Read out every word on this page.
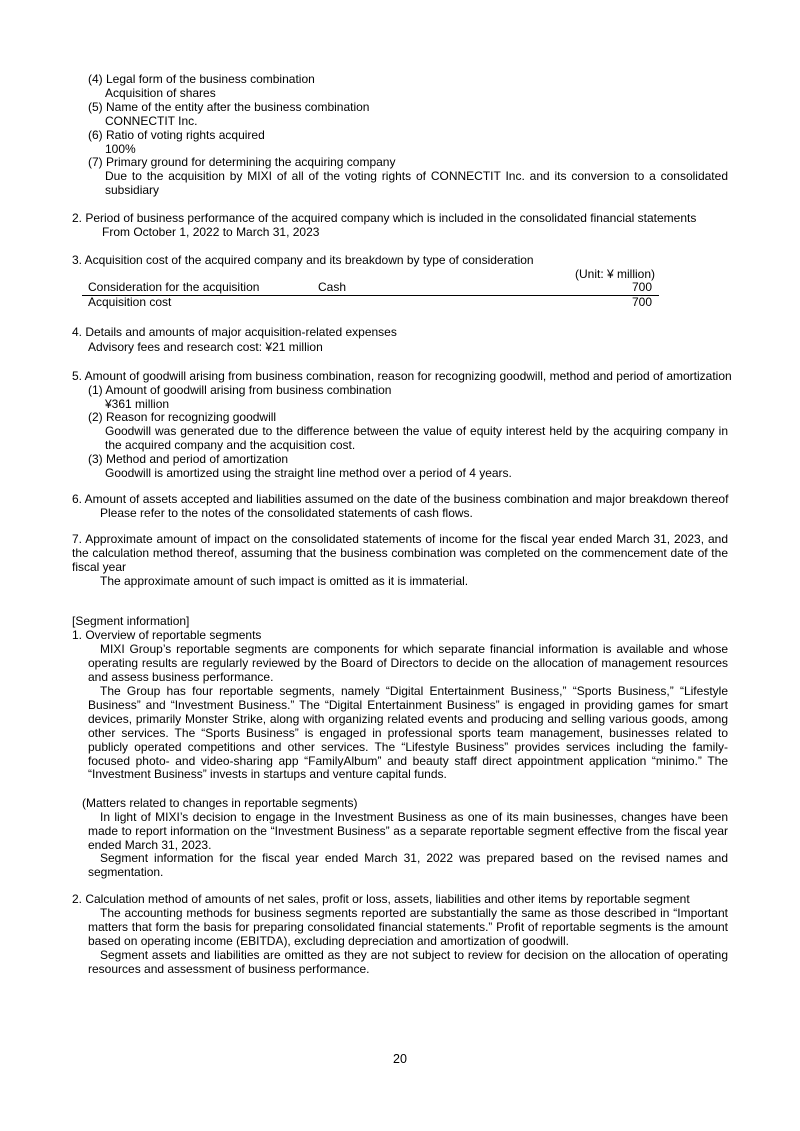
(4) Legal form of the business combination

Acquisition of shares

(5) Name of the entity after the business combination

CONNECTIT Inc.

(6) Ratio of voting rights acquired

100%

(7) Primary ground for determining the acquiring company

Due to the acquisition by MIXI of all of the voting rights of CONNECTIT Inc. and its conversion to a consolidated subsidiary

2. Period of business performance of the acquired company which is included in the consolidated financial statements

From October 1, 2022 to March 31, 2023

3. Acquisition cost of the acquired company and its breakdown by type of consideration

(Unit: ¥ million)
Consideration for the acquisition	Cash	700
Acquisition cost		700

4. Details and amounts of major acquisition-related expenses

Advisory fees and research cost: ¥21 million

5. Amount of goodwill arising from business combination, reason for recognizing goodwill, method and period of amortization

(1) Amount of goodwill arising from business combination

¥361 million

(2) Reason for recognizing goodwill

Goodwill was generated due to the difference between the value of equity interest held by the acquiring company in the acquired company and the acquisition cost.

(3) Method and period of amortization

Goodwill is amortized using the straight line method over a period of 4 years.

6. Amount of assets accepted and liabilities assumed on the date of the business combination and major breakdown thereof

Please refer to the notes of the consolidated statements of cash flows.

7. Approximate amount of impact on the consolidated statements of income for the fiscal year ended March 31, 2023, and the calculation method thereof, assuming that the business combination was completed on the commencement date of the fiscal year

The approximate amount of such impact is omitted as it is immaterial.

[Segment information]

1. Overview of reportable segments

MIXI Group’s reportable segments are components for which separate financial information is available and whose operating results are regularly reviewed by the Board of Directors to decide on the allocation of management resources and assess business performance.

The Group has four reportable segments, namely “Digital Entertainment Business,” “Sports Business,” “Lifestyle Business” and “Investment Business.” The “Digital Entertainment Business” is engaged in providing games for smart devices, primarily Monster Strike, along with organizing related events and producing and selling various goods, among other services. The “Sports Business” is engaged in professional sports team management, businesses related to publicly operated competitions and other services. The “Lifestyle Business” provides services including the family-focused photo- and video-sharing app “FamilyAlbum” and beauty staff direct appointment application “minimo.” The “Investment Business” invests in startups and venture capital funds.

(Matters related to changes in reportable segments)

In light of MIXI’s decision to engage in the Investment Business as one of its main businesses, changes have been made to report information on the “Investment Business” as a separate reportable segment effective from the fiscal year ended March 31, 2023.

Segment information for the fiscal year ended March 31, 2022 was prepared based on the revised names and segmentation.

2. Calculation method of amounts of net sales, profit or loss, assets, liabilities and other items by reportable segment

The accounting methods for business segments reported are substantially the same as those described in “Important matters that form the basis for preparing consolidated financial statements.” Profit of reportable segments is the amount based on operating income (EBITDA), excluding depreciation and amortization of goodwill.

Segment assets and liabilities are omitted as they are not subject to review for decision on the allocation of operating resources and assessment of business performance.

20
